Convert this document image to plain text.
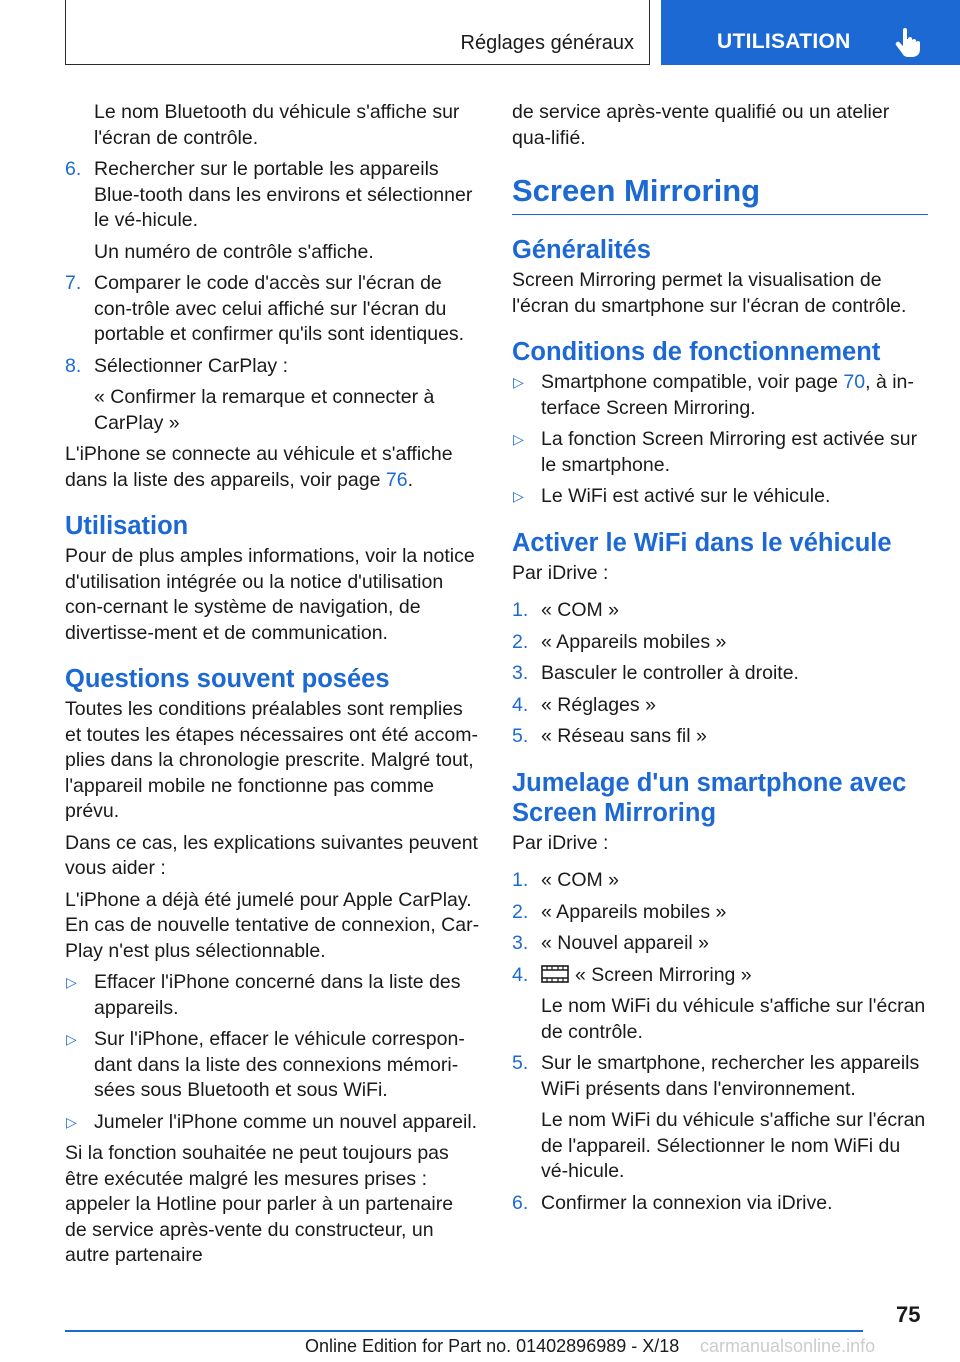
Réglages généraux	UTILISATION

Le nom Bluetooth du véhicule s'affiche sur l'écran de contrôle.

6. Rechercher sur le portable les appareils Blue-tooth dans les environs et sélectionner le vé-hicule.

Un numéro de contrôle s'affiche.

7. Comparer le code d'accès sur l'écran de con-trôle avec celui affiché sur l'écran du portable et confirmer qu'ils sont identiques.
8. Sélectionner CarPlay :

« Confirmer la remarque et connecter à CarPlay »

L'iPhone se connecte au véhicule et s'affiche dans la liste des appareils, voir page 76.

Utilisation

Pour de plus amples informations, voir la notice d'utilisation intégrée ou la notice d'utilisation con-cernant le système de navigation, de divertisse-ment et de communication.

Questions souvent posées

Toutes les conditions préalables sont remplies et toutes les étapes nécessaires ont été accom-plies dans la chronologie prescrite. Malgré tout, l'appareil mobile ne fonctionne pas comme prévu.

Dans ce cas, les explications suivantes peuvent vous aider :

L'iPhone a déjà été jumelé pour Apple CarPlay. En cas de nouvelle tentative de connexion, Car-Play n'est plus sélectionnable.

▷ Effacer l'iPhone concerné dans la liste des appareils.
▷ Sur l'iPhone, effacer le véhicule correspon-dant dans la liste des connexions mémori-sées sous Bluetooth et sous WiFi.
▷ Jumeler l'iPhone comme un nouvel appareil.

Si la fonction souhaitée ne peut toujours pas être exécutée malgré les mesures prises : appeler la Hotline pour parler à un partenaire de service après-vente du constructeur, un autre partenaire

de service après-vente qualifié ou un atelier qua-lifié.

Screen Mirroring
Généralités

Screen Mirroring permet la visualisation de l'écran du smartphone sur l'écran de contrôle.

Conditions de fonctionnement
▷ Smartphone compatible, voir page 70, à in-terface Screen Mirroring.
▷ La fonction Screen Mirroring est activée sur le smartphone.
▷ Le WiFi est activé sur le véhicule.
Activer le WiFi dans le véhicule

Par iDrive :

1. « COM »
2. « Appareils mobiles »
3. Basculer le controller à droite.
4. « Réglages »
5. « Réseau sans fil »
Jumelage d'un smartphone avec Screen Mirroring

Par iDrive :

1. « COM »
2. « Appareils mobiles »
3. « Nouvel appareil »
4. « Screen Mirroring »

Le nom WiFi du véhicule s'affiche sur l'écran de contrôle.

5. Sur le smartphone, rechercher les appareils WiFi présents dans l'environnement.

Le nom WiFi du véhicule s'affiche sur l'écran de l'appareil. Sélectionner le nom WiFi du vé-hicule.

6. Confirmer la connexion via iDrive.
75
Online Edition for Part no. 01402896989 - X/18 carmanualsonline.info
